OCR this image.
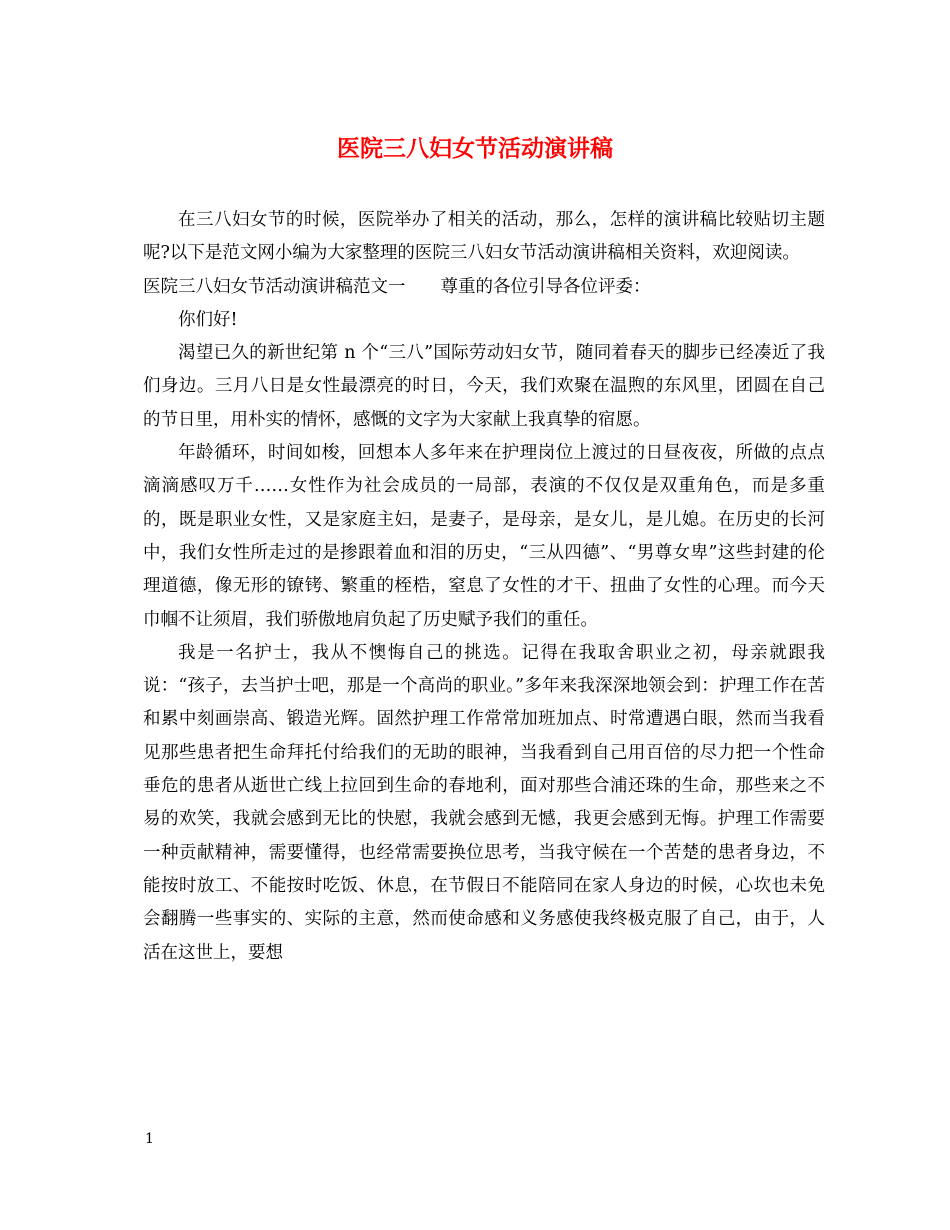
医院三八妇女节活动演讲稿

在三八妇女节的时候，医院举办了相关的活动，那么，怎样的演讲稿比较贴切主题呢?以下是范文网小编为大家整理的医院三八妇女节活动演讲稿相关资料，欢迎阅读。

医院三八妇女节活动演讲稿范文一　　尊重的各位引导各位评委：

你们好!

渴望已久的新世纪第 n 个“三八”国际劳动妇女节，随同着春天的脚步已经凑近了我们身边。三月八日是女性最漂亮的时日，今天，我们欢聚在温煦的东风里，团圆在自己的节日里，用朴实的情怀，感慨的文字为大家献上我真挚的宿愿。

年龄循环，时间如梭，回想本人多年来在护理岗位上渡过的日昼夜夜，所做的点点滴滴感叹万千……女性作为社会成员的一局部，表演的不仅仅是双重角色，而是多重的，既是职业女性，又是家庭主妇，是妻子，是母亲，是女儿，是儿媳。在历史的长河中，我们女性所走过的是掺跟着血和泪的历史，“三从四德”、“男尊女卑”这些封建的伦理道德，像无形的镣铐、繁重的桎梏，窒息了女性的才干、扭曲了女性的心理。而今天巾帼不让须眉，我们骄傲地肩负起了历史赋予我们的重任。

我是一名护士，我从不懊悔自己的挑选。记得在我取舍职业之初，母亲就跟我说：“孩子，去当护士吧，那是一个高尚的职业。”多年来我深深地领会到：护理工作在苦和累中刻画崇高、锻造光辉。固然护理工作常常加班加点、时常遭遇白眼，然而当我看见那些患者把生命拜托付给我们的无助的眼神，当我看到自己用百倍的尽力把一个性命垂危的患者从逝世亡线上拉回到生命的春地利，面对那些合浦还珠的生命，那些来之不易的欢笑，我就会感到无比的快慰，我就会感到无憾，我更会感到无悔。护理工作需要一种贡献精神，需要懂得，也经常需要换位思考，当我守候在一个苦楚的患者身边，不能按时放工、不能按时吃饭、休息，在节假日不能陪同在家人身边的时候，心坎也未免会翻腾一些事实的、实际的主意，然而使命感和义务感使我终极克服了自己，由于，人活在这世上，要想

1
